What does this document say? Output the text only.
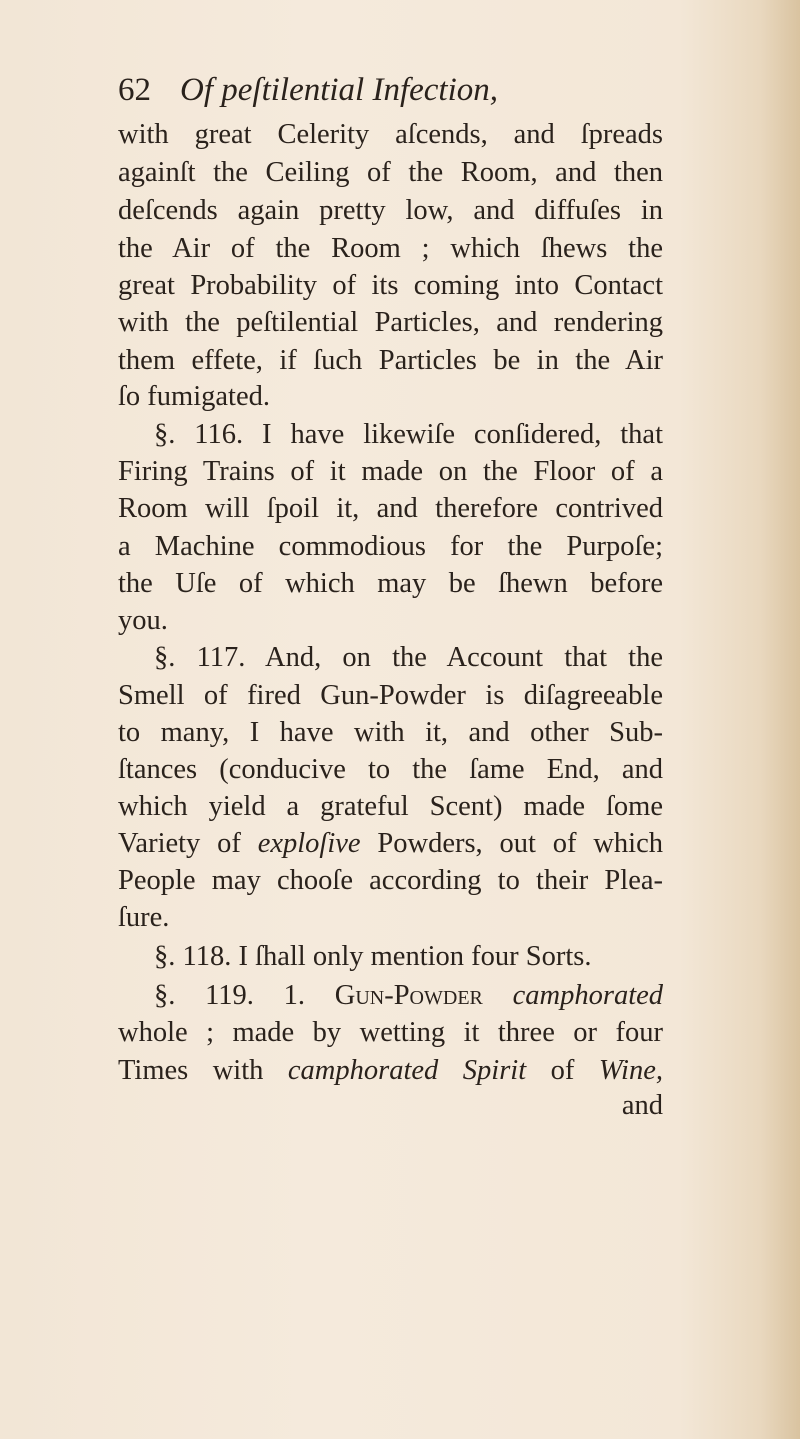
62 Of peſtilential Infection,
with great Celerity aſcends, and ſpreads
againſt the Ceiling of the Room, and then
deſcends again pretty low, and diffuſes in
the Air of the Room ; which ſhews the
great Probability of its coming into Contact
with the peſtilential Particles, and rendering
them effete, if ſuch Particles be in the Air
ſo fumigated.
§. 116. I have likewiſe conſidered, that
Firing Trains of it made on the Floor of a
Room will ſpoil it, and therefore contrived
a Machine commodious for the Purpoſe;
the Uſe of which may be ſhewn before
you.
§. 117. And, on the Account that the
Smell of fired Gun-Powder is diſagreeable
to many, I have with it, and other Sub-
ſtances (conducive to the ſame End, and
which yield a grateful Scent) made ſome
Variety of exploſive Powders, out of which
People may chooſe according to their Plea-
ſure.
§. 118. I ſhall only mention four Sorts.
§. 119. 1. Gun-Powder camphorated
whole ; made by wetting it three or four
Times with camphorated Spirit of Wine,
and
